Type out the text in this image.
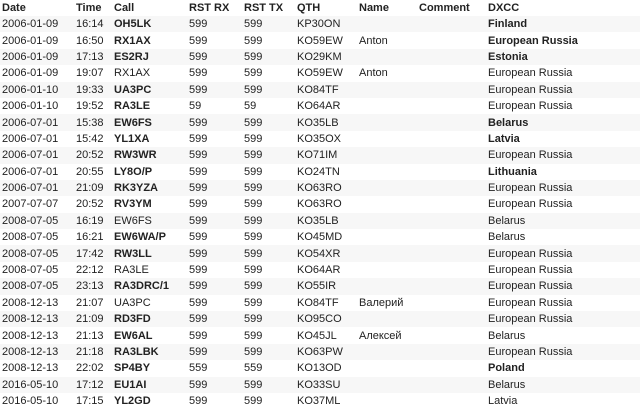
Date	Time	Call	RST RX	RST TX	QTH	Name	Comment	DXCC
2006-01-09	16:14	OH5LK	599	599	KP30ON			Finland
2006-01-09	16:50	RX1AX	599	599	KO59EW	Anton		European Russia
2006-01-09	17:13	ES2RJ	599	599	KO29KM			Estonia
2006-01-09	19:07	RX1AX	599	599	KO59EW	Anton		European Russia
2006-01-10	19:33	UA3PC	599	599	KO84TF			European Russia
2006-01-10	19:52	RA3LE	59	59	KO64AR			European Russia
2006-07-01	15:38	EW6FS	599	599	KO35LB			Belarus
2006-07-01	15:42	YL1XA	599	599	KO35OX			Latvia
2006-07-01	20:52	RW3WR	599	599	KO71IM			European Russia
2006-07-01	20:55	LY8O/P	599	599	KO24TN			Lithuania
2006-07-01	21:09	RK3YZA	599	599	KO63RO			European Russia
2007-07-07	20:52	RV3YM	599	599	KO63RO			European Russia
2008-07-05	16:19	EW6FS	599	599	KO35LB			Belarus
2008-07-05	16:21	EW6WA/P	599	599	KO45MD			Belarus
2008-07-05	17:42	RW3LL	599	599	KO54XR			European Russia
2008-07-05	22:12	RA3LE	599	599	KO64AR			European Russia
2008-07-05	23:13	RA3DRC/1	599	599	KO55IR			European Russia
2008-12-13	21:07	UA3PC	599	599	KO84TF	Валерий		European Russia
2008-12-13	21:09	RD3FD	599	599	KO95CO			European Russia
2008-12-13	21:13	EW6AL	599	599	KO45JL	Алексей		Belarus
2008-12-13	21:18	RA3LBK	599	599	KO63PW			European Russia
2008-12-13	22:02	SP4BY	559	559	KO13OD			Poland
2016-05-10	17:12	EU1AI	599	599	KO33SU			Belarus
2016-05-10	17:15	YL2GD	599	599	KO37ML			Latvia
